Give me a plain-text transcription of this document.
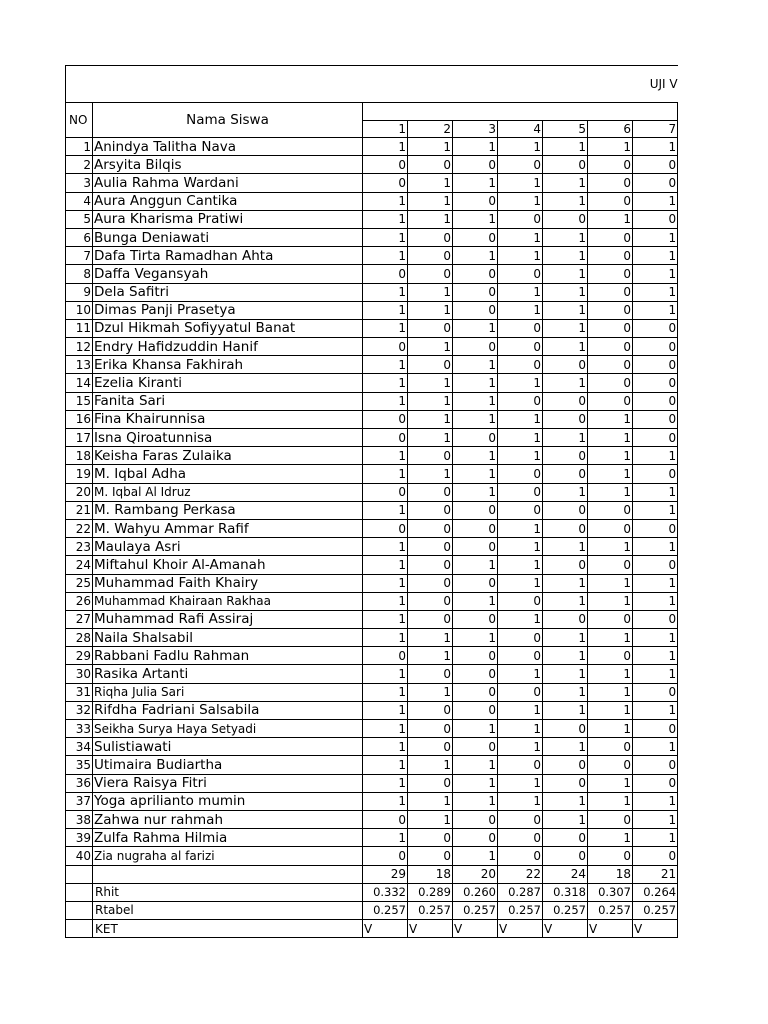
UJI V								
NO	Nama Siswa							
		1	2	3	4	5	6	7
1	Anindya Talitha Nava	1	1	1	1	1	1	1
2	Arsyita Bilqis	0	0	0	0	0	0	0
3	Aulia Rahma Wardani	0	1	1	1	1	0	0
4	Aura Anggun Cantika	1	1	0	1	1	0	1
5	Aura Kharisma Pratiwi	1	1	1	0	0	1	0
6	Bunga Deniawati	1	0	0	1	1	0	1
7	Dafa Tirta Ramadhan Ahta	1	0	1	1	1	0	1
8	Daffa Vegansyah	0	0	0	0	1	0	1
9	Dela Safitri	1	1	0	1	1	0	1
10	Dimas Panji Prasetya	1	1	0	1	1	0	1
11	Dzul Hikmah Sofiyyatul Banat	1	0	1	0	1	0	0
12	Endry Hafidzuddin Hanif	0	1	0	0	1	0	0
13	Erika Khansa Fakhirah	1	0	1	0	0	0	0
14	Ezelia Kiranti	1	1	1	1	1	0	0
15	Fanita Sari	1	1	1	0	0	0	0
16	Fina Khairunnisa	0	1	1	1	0	1	0
17	Isna Qiroatunnisa	0	1	0	1	1	1	0
18	Keisha Faras Zulaika	1	0	1	1	0	1	1
19	M. Iqbal Adha	1	1	1	0	0	1	0
20	M. Iqbal Al Idruz	0	0	1	0	1	1	1
21	M. Rambang Perkasa	1	0	0	0	0	0	1
22	M. Wahyu Ammar Rafif	0	0	0	1	0	0	0
23	Maulaya Asri	1	0	0	1	1	1	1
24	Miftahul Khoir Al-Amanah	1	0	1	1	0	0	0
25	Muhammad Faith Khairy	1	0	0	1	1	1	1
26	Muhammad Khairaan Rakhaa	1	0	1	0	1	1	1
27	Muhammad Rafi Assiraj	1	0	0	1	0	0	0
28	Naila Shalsabil	1	1	1	0	1	1	1
29	Rabbani Fadlu Rahman	0	1	0	0	1	0	1
30	Rasika Artanti	1	0	0	1	1	1	1
31	Riqha Julia Sari	1	1	0	0	1	1	0
32	Rifdha Fadriani Salsabila	1	0	0	1	1	1	1
33	Seikha Surya Haya Setyadi	1	0	1	1	0	1	0
34	Sulistiawati	1	0	0	1	1	0	1
35	Utimaira Budiartha	1	1	1	0	0	0	0
36	Viera Raisya Fitri	1	0	1	1	0	1	0
37	Yoga aprilianto mumin	1	1	1	1	1	1	1
38	Zahwa nur rahmah	0	1	0	0	1	0	1
39	Zulfa Rahma Hilmia	1	0	0	0	0	1	1
40	Zia nugraha al farizi	0	0	1	0	0	0	0
		29	18	20	22	24	18	21
	Rhit	0.332	0.289	0.260	0.287	0.318	0.307	0.264
	Rtabel	0.257	0.257	0.257	0.257	0.257	0.257	0.257
	KET	V	V	V	V	V	V	V
